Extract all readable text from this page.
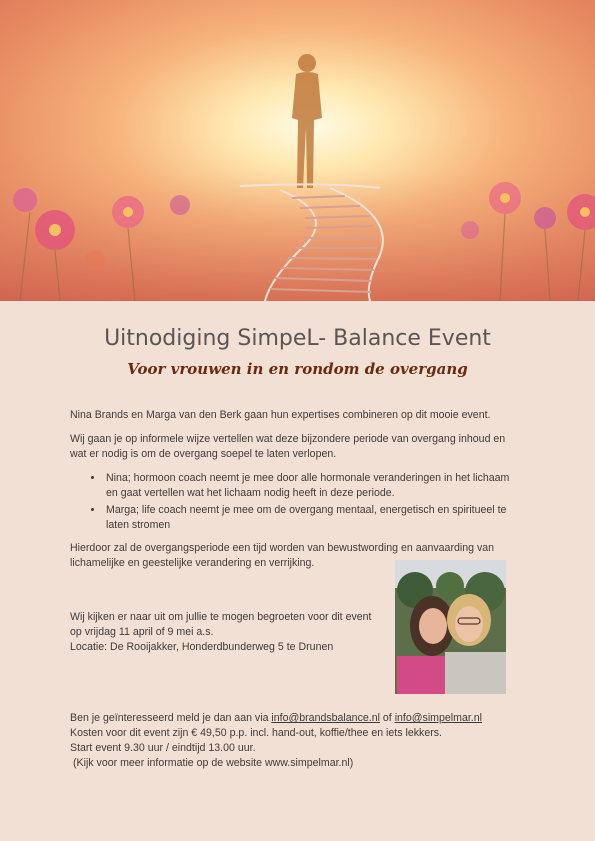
Uitnodiging SimpeL- Balance Event
Voor vrouwen in en rondom de overgang

Nina Brands en Marga van den Berk gaan hun expertises combineren op dit mooie event.

Wij gaan je op informele wijze vertellen wat deze bijzondere periode van overgang inhoud en wat er nodig is om de overgang soepel te laten verlopen.

• Nina; hormoon coach neemt je mee door alle hormonale veranderingen in het lichaam en gaat vertellen wat het lichaam nodig heeft in deze periode.
• Marga; life coach neemt je mee om de overgang mentaal, energetisch en spiritueel te laten stromen

Hierdoor zal de overgangsperiode een tijd worden van bewustwording en aanvaarding van lichamelijke en geestelijke verandering en verrijking.

Wij kijken er naar uit om jullie te mogen begroeten voor dit event
op vrijdag 11 april of 9 mei a.s.
Locatie: De Rooijakker, Honderdbunderweg 5 te Drunen
Ben je geïnteresseerd meld je dan aan via info@brandsbalance.nl of info@simpelmar.nl
Kosten voor dit event zijn € 49,50 p.p. incl. hand-out, koffie/thee en iets lekkers.
Start event 9.30 uur / eindtijd 13.00 uur.
(Kijk voor meer informatie op de website www.simpelmar.nl)
